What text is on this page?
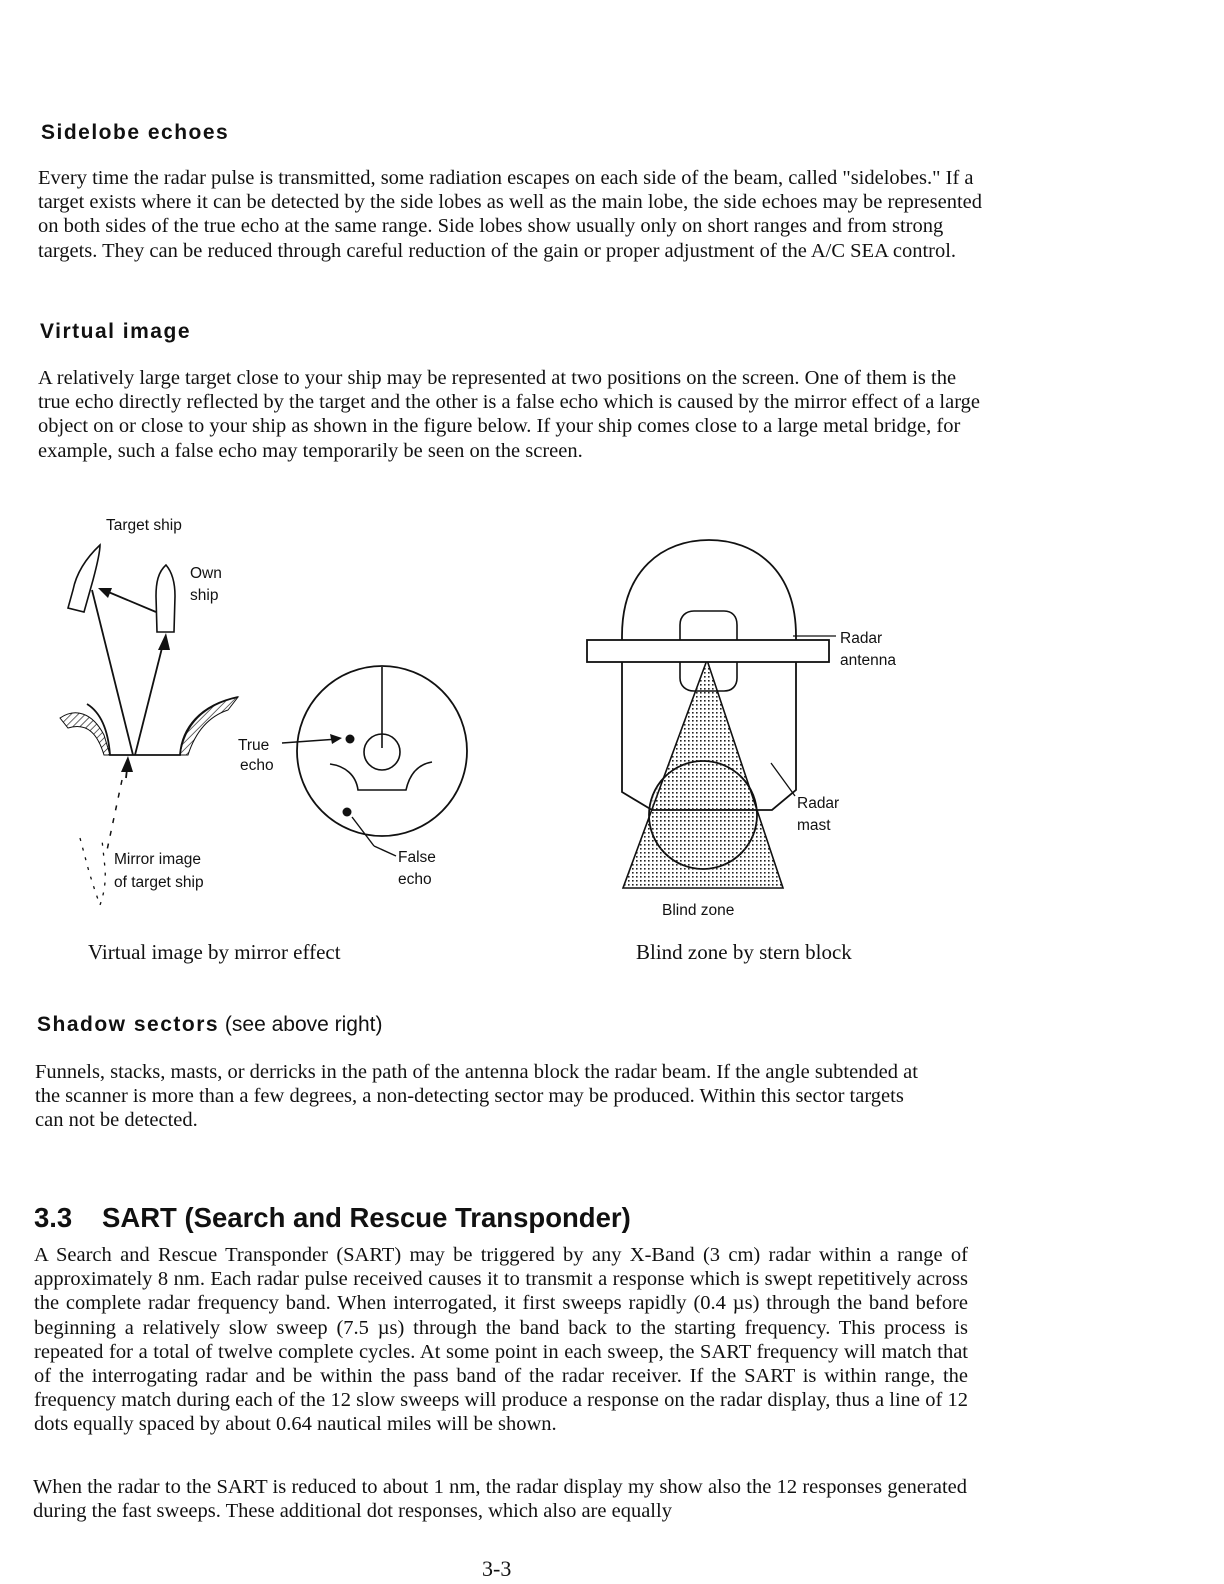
Sidelobe echoes

Every time the radar pulse is transmitted, some radiation escapes on each side of the beam, called "sidelobes." If a target exists where it can be detected by the side lobes as well as the main lobe, the side echoes may be represented on both sides of the true echo at the same range. Side lobes show usually only on short ranges and from strong targets. They can be reduced through careful reduction of the gain or proper adjustment of the A/C SEA control.

Virtual image

A relatively large target close to your ship may be represented at two positions on the screen. One of them is the true echo directly reflected by the target and the other is a false echo which is caused by the mirror effect of a large object on or close to your ship as shown in the figure below. If your ship comes close to a large metal bridge, for example, such a false echo may temporarily be seen on the screen.

Target ship
Own
ship
True
echo
Mirror image
of target ship
False
echo
Virtual image by mirror effect
Radar
antenna
Radar
mast
Blind zone
Blind zone by stern block
Shadow sectors (see above right)

Funnels, stacks, masts, or derricks in the path of the antenna block the radar beam. If the angle subtended at the scanner is more than a few degrees, a non-detecting sector may be produced. Within this sector targets can not be detected.

3.3 SART (Search and Rescue Transponder)

A Search and Rescue Transponder (SART) may be triggered by any X-Band (3 cm) radar within a range of approximately 8 nm. Each radar pulse received causes it to transmit a response which is swept repetitively across the complete radar frequency band. When interrogated, it first sweeps rapidly (0.4 µs) through the band before beginning a relatively slow sweep (7.5 µs) through the band back to the starting frequency. This process is repeated for a total of twelve complete cycles. At some point in each sweep, the SART frequency will match that of the interrogating radar and be within the pass band of the radar receiver. If the SART is within range, the frequency match during each of the 12 slow sweeps will produce a response on the radar display, thus a line of 12 dots equally spaced by about 0.64 nautical miles will be shown.

When the radar to the SART is reduced to about 1 nm, the radar display my show also the 12 responses generated during the fast sweeps. These additional dot responses, which also are equally

3-3
